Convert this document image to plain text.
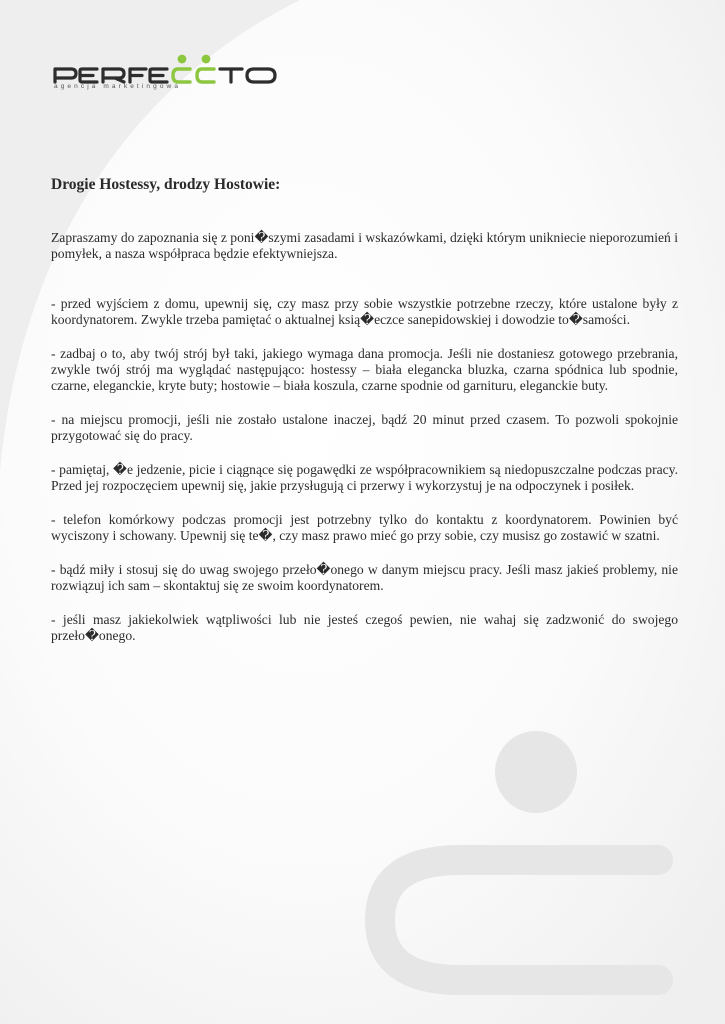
agencja marketingowa
Drogie Hostessy, drodzy Hostowie:

Zapraszamy do zapoznania się z poni�szymi zasadami i wskazówkami, dzięki którym unikniecie nieporozumień i pomyłek, a nasza współpraca będzie efektywniejsza.

- przed wyjściem z domu, upewnij się, czy masz przy sobie wszystkie potrzebne rzeczy, które ustalone były z koordynatorem. Zwykle trzeba pamiętać o aktualnej ksią�eczce sanepidowskiej i dowodzie to�samości.

- zadbaj o to, aby twój strój był taki, jakiego wymaga dana promocja. Jeśli nie dostaniesz gotowego przebrania, zwykle twój strój ma wyglądać następująco: hostessy – biała elegancka bluzka, czarna spódnica lub spodnie, czarne, eleganckie, kryte buty; hostowie – biała koszula, czarne spodnie od garnituru, eleganckie buty.

- na miejscu promocji, jeśli nie zostało ustalone inaczej, bądź 20 minut przed czasem. To pozwoli spokojnie przygotować się do pracy.

- pamiętaj, �e jedzenie, picie i ciągnące się pogawędki ze współpracownikiem są niedopuszczalne podczas pracy. Przed jej rozpoczęciem upewnij się, jakie przysługują ci przerwy i wykorzystuj je na odpoczynek i posiłek.

- telefon komórkowy podczas promocji jest potrzebny tylko do kontaktu z koordynatorem. Powinien być wyciszony i schowany. Upewnij się te�, czy masz prawo mieć go przy sobie, czy musisz go zostawić w szatni.

- bądź miły i stosuj się do uwag swojego przeło�onego w danym miejscu pracy. Jeśli masz jakieś problemy, nie rozwiązuj ich sam – skontaktuj się ze swoim koordynatorem.

- jeśli masz jakiekolwiek wątpliwości lub nie jesteś czegoś pewien, nie wahaj się zadzwonić do swojego przeło�onego.
